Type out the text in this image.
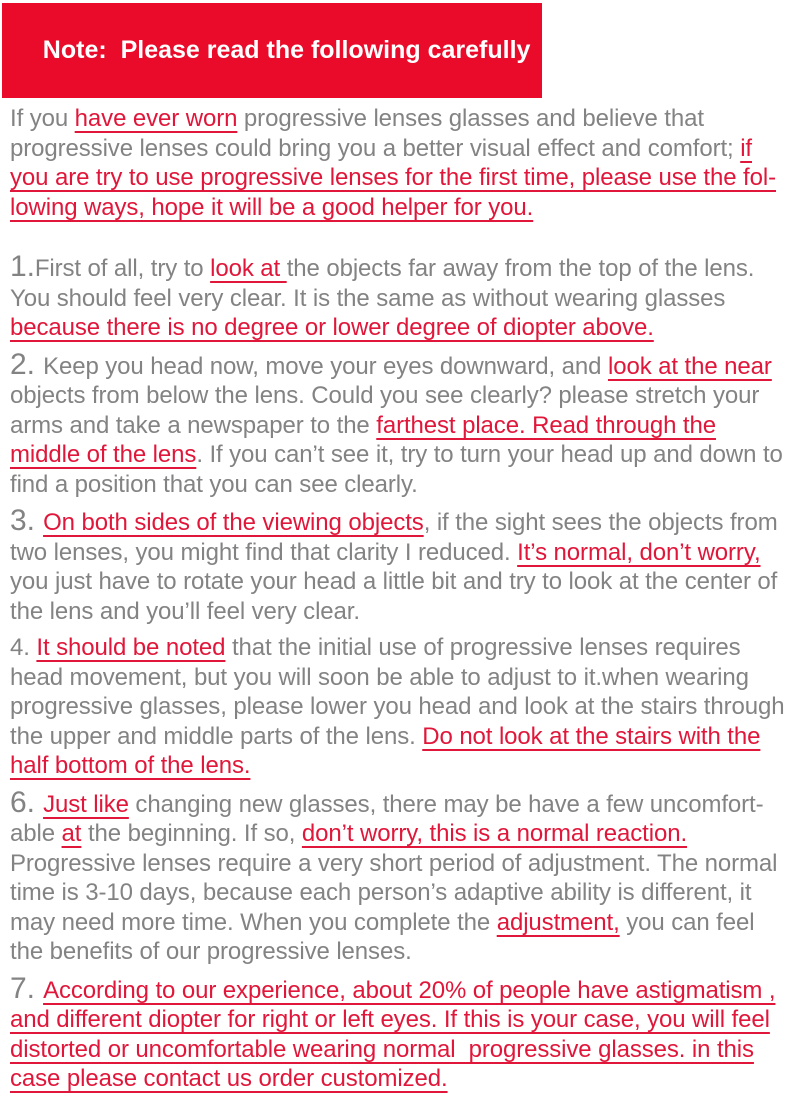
Note:  Please read the following carefully

If you have ever worn progressive lenses glasses and believe that progressive lenses could bring you a better visual effect and comfort; if you are try to use progressive lenses for the first time, please use the fol-lowing ways, hope it will be a good helper for you.

1.First of all, try to look at the objects far away from the top of the lens. You should feel very clear. It is the same as without wearing glasses because there is no degree or lower degree of diopter above.

2. Keep you head now, move your eyes downward, and look at the near objects from below the lens. Could you see clearly? please stretch your arms and take a newspaper to the farthest place. Read through the middle of the lens. If you can’t see it, try to turn your head up and down to find a position that you can see clearly.

3. On both sides of the viewing objects, if the sight sees the objects from two lenses, you might find that clarity I reduced. It’s normal, don’t worry, you just have to rotate your head a little bit and try to look at the center of the lens and you’ll feel very clear.

4. It should be noted that the initial use of progressive lenses requires head movement, but you will soon be able to adjust to it.when wearing progressive glasses, please lower you head and look at the stairs through the upper and middle parts of the lens. Do not look at the stairs with the half bottom of the lens.

6. Just like changing new glasses, there may be have a few uncomfort-able at the beginning. If so, don’t worry, this is a normal reaction. Progressive lenses require a very short period of adjustment. The normal time is 3-10 days, because each person’s adaptive ability is different, it may need more time. When you complete the adjustment, you can feel the benefits of our progressive lenses.

7. According to our experience, about 20% of people have astigmatism , and different diopter for right or left eyes. If this is your case, you will feel distorted or uncomfortable wearing normal  progressive glasses. in this case please contact us order customized.
